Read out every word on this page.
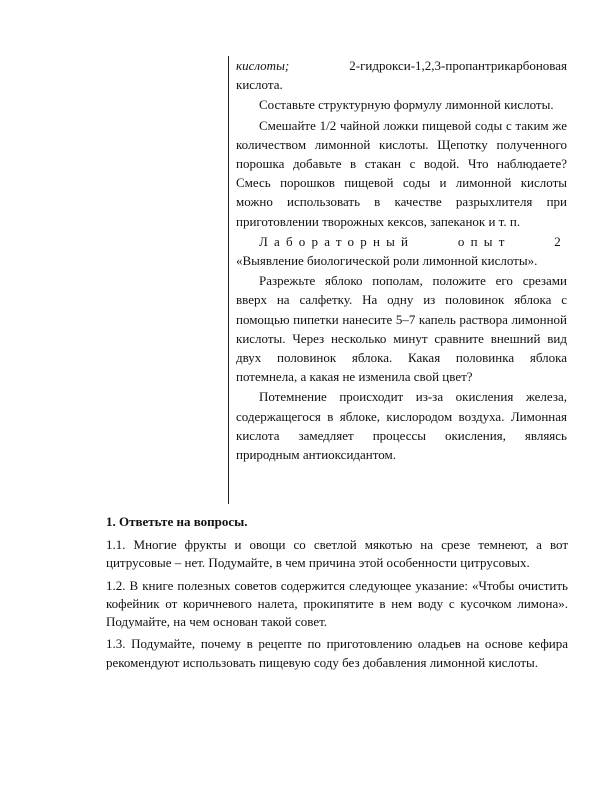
кислоты;	2-гидрокси-1,2,3-пропантрикарбоновая

кислота.

Составьте структурную формулу лимонной кислоты.

Смешайте 1/2 чайной ложки пищевой соды с таким же количеством лимонной кислоты. Щепотку полученного порошка добавьте в стакан с водой. Что наблюдаете? Смесь порошков пищевой соды и лимонной кислоты можно использовать в качестве разрыхлителя при приготовлении творожных кексов, запеканок и т. п.

Лабораторный опыт 2 «Выявление биологической роли лимонной кислоты».

Разрежьте яблоко пополам, положите его срезами вверх на салфетку. На одну из половинок яблока с помощью пипетки нанесите 5–7 капель раствора лимонной кислоты. Через несколько минут сравните внешний вид двух половинок яблока. Какая половинка яблока потемнела, а какая не изменила свой цвет?

Потемнение происходит из-за окисления железа, содержащегося в яблоке, кислородом воздуха. Лимонная кислота замедляет процессы окисления, являясь природным антиоксидантом.

1. Ответьте на вопросы.

1.1. Многие фрукты и овощи со светлой мякотью на срезе темнеют, а вот цитрусовые – нет. Подумайте, в чем причина этой особенности цитрусовых.

1.2. В книге полезных советов содержится следующее указание: «Чтобы очистить кофейник от коричневого налета, прокипятите в нем воду с кусочком лимона». Подумайте, на чем основан такой совет.

1.3. Подумайте, почему в рецепте по приготовлению оладьев на основе кефира рекомендуют использовать пищевую соду без добавления лимонной кислоты.
